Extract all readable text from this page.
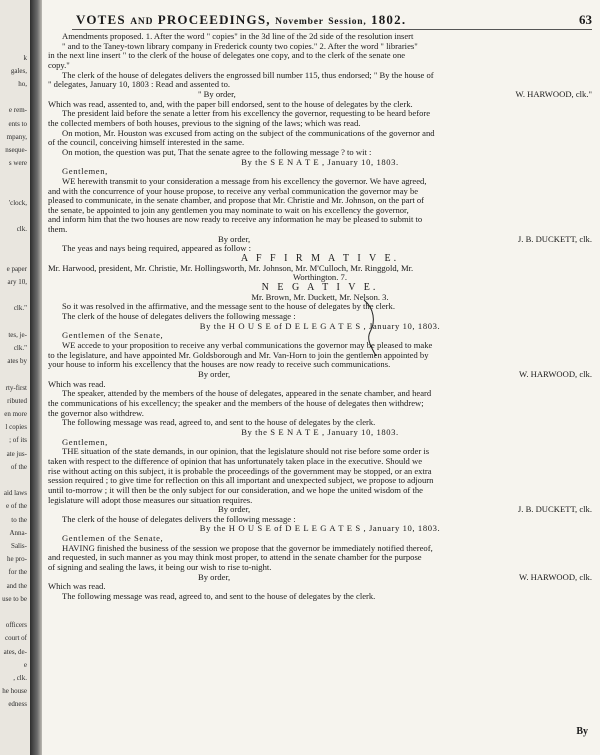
k
gales,
ho,
e rem-
ents to
mpany,
nseque-
s were
'clock,
clk.
e paper
ary 10,
clk."
tes, je-
clk."
ates by
rty-first
ributed
en more
l copies
; of its
ate jus-
of the
aid laws
e of the
to the
Anna-
Salis-
he pro-
for the
and the
use to be
officers
court of
ates, de-
e
, clk.
he house
edness
VOTES AND PROCEEDINGS, November Session, 1802.	63
Amendments proposed. 1. After the word " copies" in the 3d line of the 2d side of the resolution insert
" and to the Taney-town library company in Frederick county two copies." 2. After the word " libraries"
in the next line insert " to the clerk of the house of delegates one copy, and to the clerk of the senate one
copy."
The clerk of the house of delegates delivers the engrossed bill number 115, thus endorsed; " By the house of
" delegates, January 10, 1803 : Read and assented to.
" By order,	W. HARWOOD, clk."
Which was read, assented to, and, with the paper bill endorsed, sent to the house of delegates by the clerk.
The president laid before the senate a letter from his excellency the governor, requesting to be heard before
the collected members of both houses, previous to the signing of the laws; which was read.
On motion, Mr. Houston was excused from acting on the subject of the communications of the governor and
of the council, conceiving himself interested in the same.
On motion, the question was put, That the senate agree to the following message ? to wit :
By the S E N A T E , January 10, 1803.
Gentlemen,
WE herewith transmit to your consideration a message from his excellency the governor. We have agreed,
and with the concurrence of your house propose, to receive any verbal communication the governor may be
pleased to communicate, in the senate chamber, and propose that Mr. Christie and Mr. Johnson, on the part of
the senate, be appointed to join any gentlemen you may nominate to wait on his excellency the governor,
and inform him that the two houses are now ready to receive any information he may be pleased to submit to
them.
By order,	J. B. DUCKETT, clk.
The yeas and nays being required, appeared as follow :
A F F I R M A T I V E.
Mr. Harwood, president, Mr. Christie, Mr. Hollingsworth, Mr. Johnson, Mr. M'Culloch, Mr. Ringgold, Mr.
Worthington. 7.
N E G A T I V E.
Mr. Brown, Mr. Duckett, Mr. Nelson. 3.
So it was resolved in the affirmative, and the message sent to the house of delegates by the clerk.
The clerk of the house of delegates delivers the following message :
By the H O U S E of D E L E G A T E S , January 10, 1803.
Gentlemen of the Senate,
WE accede to your proposition to receive any verbal communications the governor may be pleased to make
to the legislature, and have appointed Mr. Goldsborough and Mr. Van-Horn to join the gentlemen appointed by
your house to inform his excellency that the houses are now ready to receive such communications.
By order,	W. HARWOOD, clk.
Which was read.
The speaker, attended by the members of the house of delegates, appeared in the senate chamber, and heard
the communications of his excellency; the speaker and the members of the house of delegates then withdrew;
the governor also withdrew.
The following message was read, agreed to, and sent to the house of delegates by the clerk.
By the S E N A T E , January 10, 1803.
Gentlemen,
THE situation of the state demands, in our opinion, that the legislature should not rise before some order is
taken with respect to the difference of opinion that has unfortunately taken place in the executive. Should we
rise without acting on this subject, it is probable the proceedings of the government may be stopped, or an extra
session required ; to give time for reflection on this all important and unexpected subject, we propose to adjourn
until to-morrow ; it will then be the only subject for our consideration, and we hope the united wisdom of the
legislature will adopt those measures our situation requires.
By order,	J. B. DUCKETT, clk.
The clerk of the house of delegates delivers the following message :
By the H O U S E of D E L E G A T E S , January 10, 1803.
Gentlemen of the Senate,
HAVING finished the business of the session we propose that the governor be immediately notified thereof,
and requested, in such manner as you may think most proper, to attend in the senate chamber for the purpose
of signing and sealing the laws, it being our wish to rise to-night.
By order,	W. HARWOOD, clk.
Which was read.
The following message was read, agreed to, and sent to the house of delegates by the clerk.
By
